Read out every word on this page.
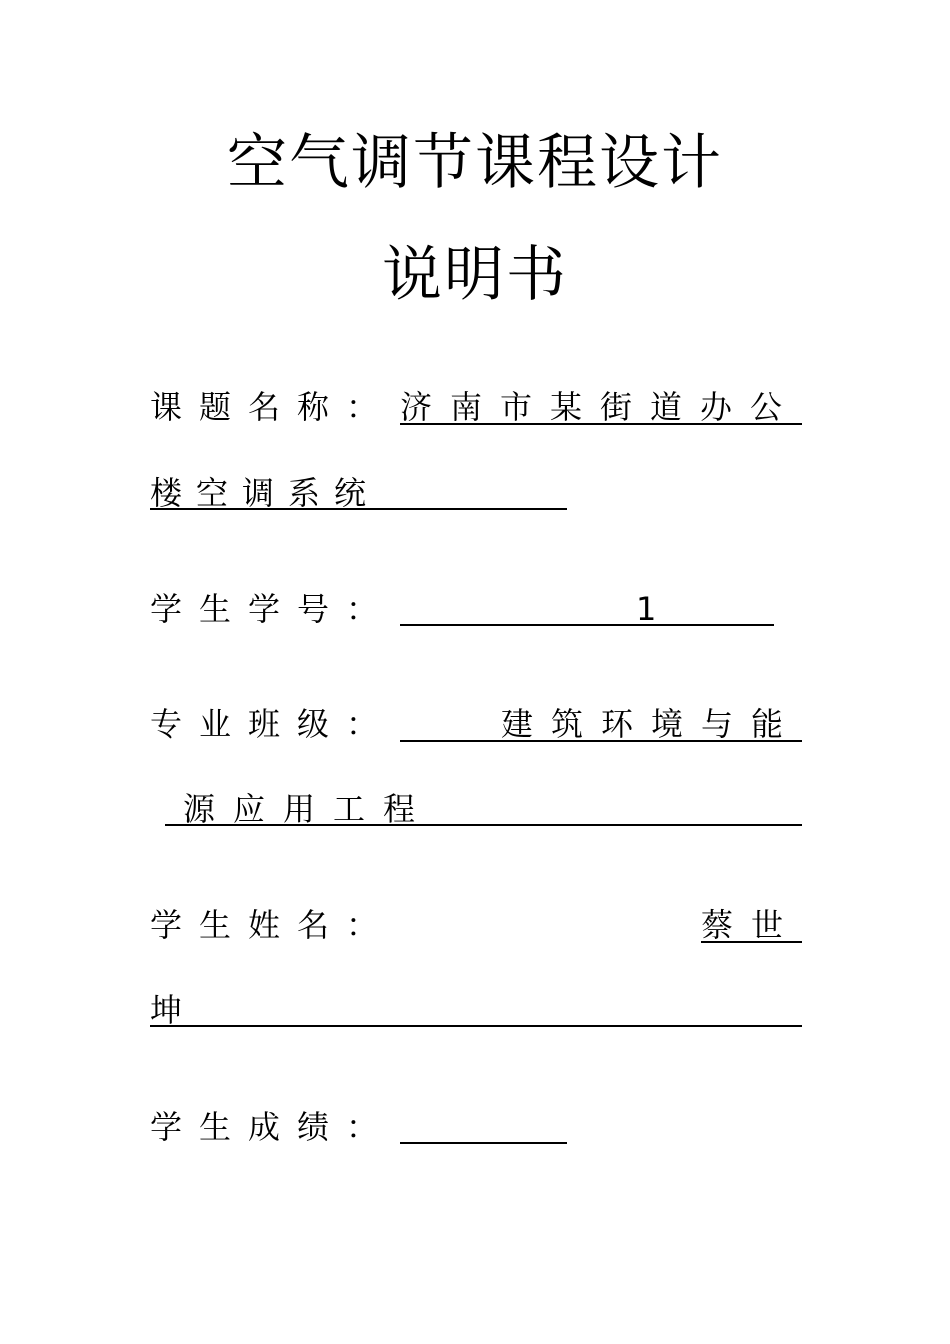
空气调节课程设计
说明书
课题名称： 济南市某街道办公
楼空调系统
学生学号：	1
专业班级：	建筑环境与能
源应用工程
学生姓名：	蔡世
坤
学生成绩：
